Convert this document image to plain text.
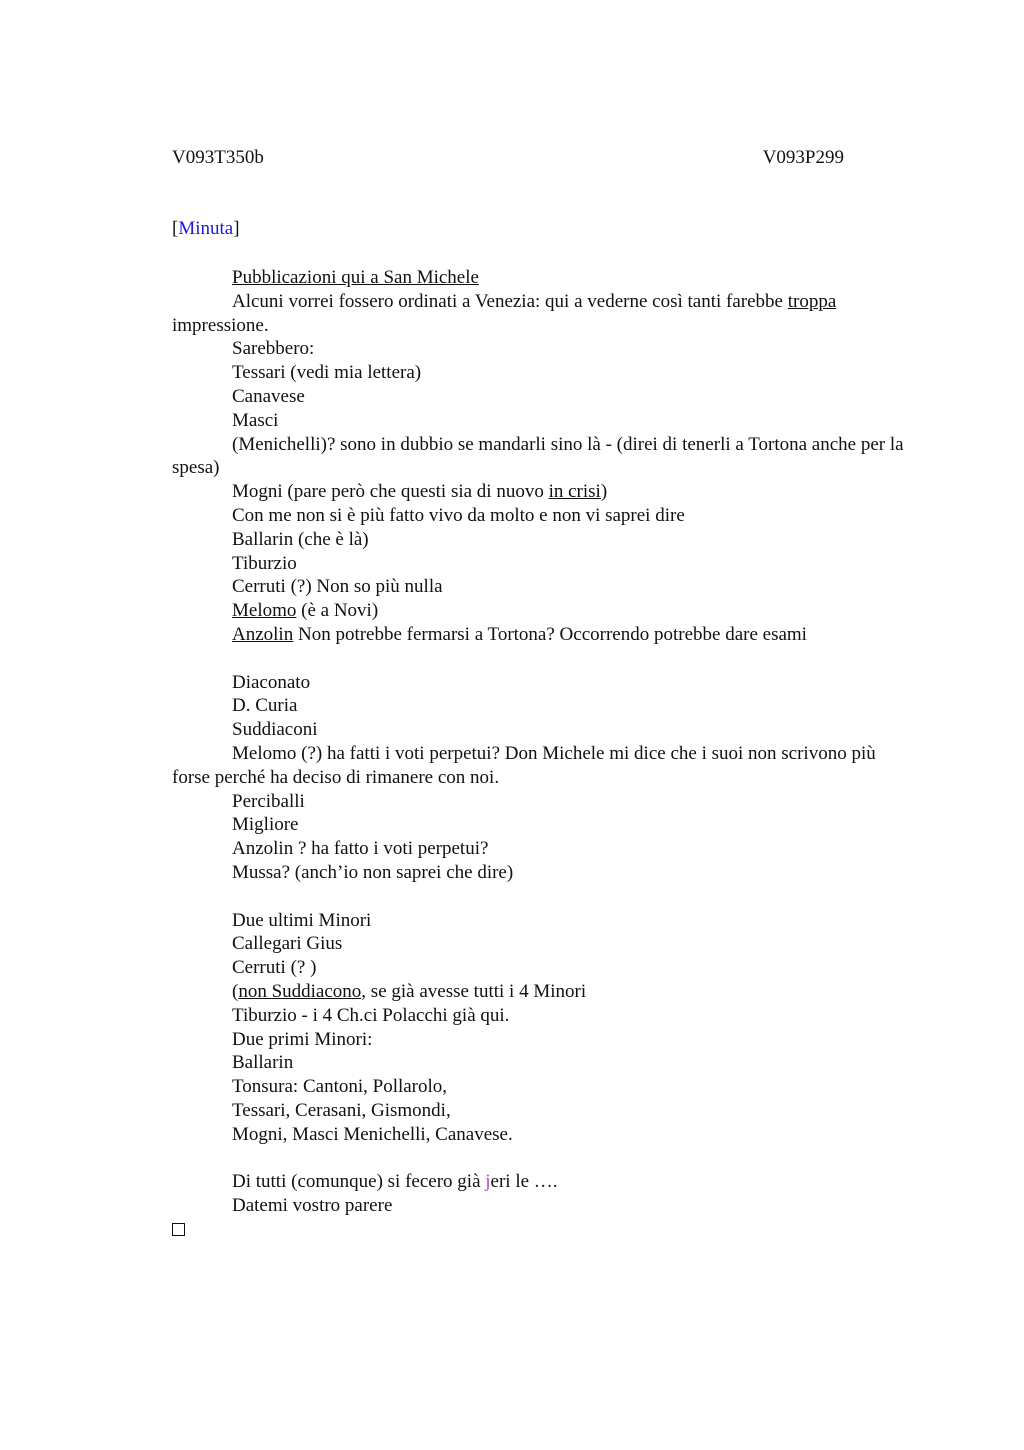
V093T350b	V093P299
[Minuta]
Pubblicazioni qui a San Michele
Alcuni vorrei fossero ordinati a Venezia: qui a vederne così tanti farebbe troppa impressione.
Sarebbero:
Tessari (vedi mia lettera)
Canavese
Masci
(Menichelli)? sono in dubbio se mandarli sino là - (direi di tenerli a Tortona anche per la spesa)
Mogni (pare però che questi sia di nuovo in crisi)
Con me non si è più fatto vivo da molto e non vi saprei dire
Ballarin (che è là)
Tiburzio
Cerruti (?) Non so più nulla
Melomo (è a Novi)
Anzolin Non potrebbe fermarsi a Tortona? Occorrendo potrebbe dare esami
Diaconato
D. Curia
Suddiaconi
Melomo (?) ha fatti i voti perpetui? Don Michele mi dice che i suoi non scrivono più forse perché ha deciso di rimanere con noi.
Perciballi
Migliore
Anzolin ? ha fatto i voti perpetui?
Mussa? (anch’io non saprei che dire)
Due ultimi Minori
Callegari Gius
Cerruti (? )
(non Suddiacono, se già avesse tutti i 4 Minori
Tiburzio - i 4 Ch.ci Polacchi già qui.
Due primi Minori:
Ballarin
Tonsura: Cantoni, Pollarolo,
Tessari, Cerasani, Gismondi,
Mogni, Masci Menichelli, Canavese.
Di tutti (comunque) si fecero già jeri le ….
Datemi vostro parere
